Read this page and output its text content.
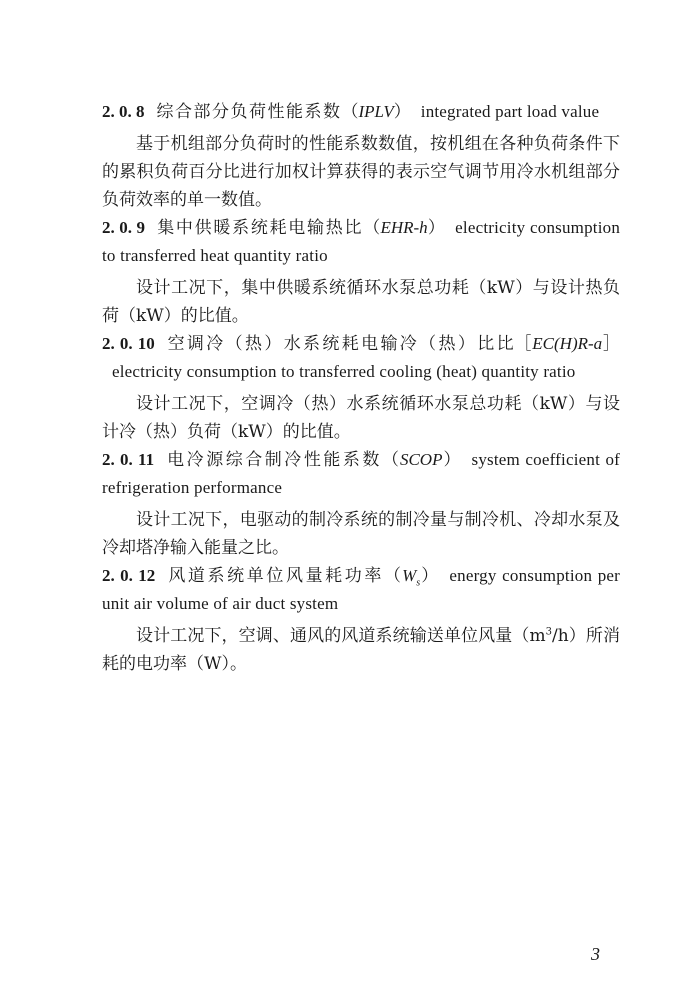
2. 0. 8 综合部分负荷性能系数（IPLV） integrated part load value

基于机组部分负荷时的性能系数数值，按机组在各种负荷条件下的累积负荷百分比进行加权计算获得的表示空气调节用冷水机组部分负荷效率的单一数值。

2. 0. 9 集中供暖系统耗电输热比（EHR-h） electricity consumption to transferred heat quantity ratio

设计工况下，集中供暖系统循环水泵总功耗（kW）与设计热负荷（kW）的比值。

2. 0. 10 空调冷（热）水系统耗电输冷（热）比比［EC(H)R-a］electricity consumption to transferred cooling (heat) quantity ratio

设计工况下，空调冷（热）水系统循环水泵总功耗（kW）与设计冷（热）负荷（kW）的比值。

2. 0. 11 电冷源综合制冷性能系数（SCOP） system coefficient of refrigeration performance

设计工况下，电驱动的制冷系统的制冷量与制冷机、冷却水泵及冷却塔净输入能量之比。

2. 0. 12 风道系统单位风量耗功率$(W_s)$ energy consumption per unit air volume of air duct system

设计工况下，空调、通风的风道系统输送单位风量$(m^3/h)$所消耗的电功率（W）。

3
